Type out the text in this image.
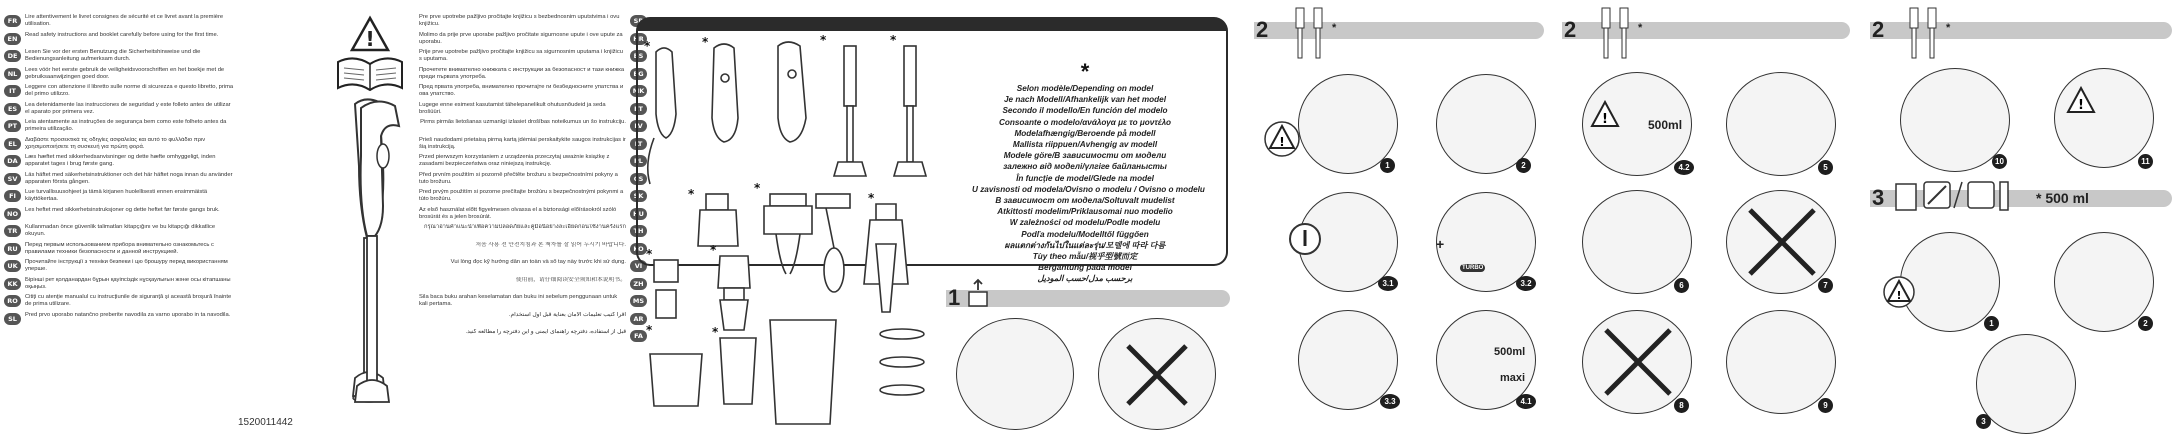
FR	Lire attentivement le livret consignes de sécurité et ce livret avant la première utilisation.
EN	Read safety instructions and booklet carefully before using for the first time.
DE	Lesen Sie vor der ersten Benutzung die Sicherheitshinweise und die Bedienungsanleitung aufmerksam durch.
NL	Lees vóór het eerste gebruik de veiligheidsvoorschriften en het boekje met de gebruiksaanwijzingen goed door.
IT	Leggere con attenzione il libretto sulle norme di sicurezza e questo libretto, prima del primo utilizzo.
ES	Lea detenidamente las instrucciones de seguridad y este folleto antes de utilizar el aparato por primera vez.
PT	Leia atentamente as instruções de segurança bem como este folheto antes da primeira utilização.
EL	Διαβάστε προσεκτικά τις οδηγίες ασφαλείας και αυτό το φυλλάδιο πριν χρησιμοποιήσετε τη συσκευή για πρώτη φορά.
DA	Læs hæftet med sikkerhedsanvisninger og dette hæfte omhyggeligt, inden apparatet tages i brug første gang.
SV	Läs häftet med säkerhetsinstruktioner och det här häftet noga innan du använder apparaten första gången.
FI	Lue turvallisuusohjeet ja tämä kirjanen huolellisesti ennen ensimmäistä käyttökertaa.
NO	Les heftet med sikkerhetsinstruksjoner og dette heftet før første gangs bruk.
TR	Kullanmadan önce güvenlik talimatları kitapçığını ve bu kitapçığı dikkatlice okuyun.
RU	Перед первым использованием прибора внимательно ознакомьтесь с правилами техники безопасности и данной инструкцией.
UK	Прочитайте інструкції з техніки безпеки і цю брошуру перед використанням уперше.
KK	Бірінші рет қолданардан бұрын қауіпсіздік нұсқаулығын және осы кітапшаны оқыңыз.
RO	Citiţi cu atenţie manualul cu instrucţiunile de siguranţă şi această broşură înainte de prima utilizare.
SL	Pred prvo uporabo natančno preberite navodila za varno uporabo in ta navodila.
!
SR
Pre prve upotrebe pažljivo pročitajte knjižicu s bezbednosnim uputstvima i ovu knjižicu.
HR
Molimo da prije prve uporabe pažljivo pročitate sigurnosne upute i ove upute za uporabu.
BS
Prije prve upotrebe pažljivo pročitajte knjižicu sa sigurnosnim uputama i knjižicu s uputama.
BG
Прочетете внимателно книжката с инструкции за безопасност и тази книжка преди първата употреба.
MK
Пред првата употреба, внимателно прочитајте ги безбедносните упатства и ова упатство.
ET
Lugege enne esimest kasutamist tähelepanelikult ohutusnõudeid ja seda brošüüri.
LV
Pirms pirmās lietošanas uzmanīgi izlasiet drošības noteikumus un šo instrukciju.
LT
Prieš naudodami prietaisą pirmą kartą įdėmiai perskaitykite saugos instrukcijas ir šią instrukciją.
PL
Przed pierwszym korzystaniem z urządzenia przeczytaj uważnie książkę z zasadami bezpieczeństwa oraz niniejszą instrukcję.
CS
Před prvním použitím si pozorně přečtěte brožuru s bezpečnostními pokyny a tuto brožuru.
SK
Pred prvým použitím si pozorne prečítajte brožúru s bezpečnostnými pokynmi a túto brožúru.
HU
Az első használat előtt figyelmesen olvassa el a biztonsági előírásokról szóló brosúrát és a jelen brosúrát.
TH
กรุณาอ่านคำแนะนำเพื่อความปลอดภัยและคู่มือนี้อย่างละเอียดก่อนใช้งานครั้งแรก
KO
처음 사용 전 안전지침과 본 책자를 잘 읽어 두시기 바랍니다.
VI
Vui lòng đọc kỹ hướng dẫn an toàn và sổ tay này trước khi sử dụng.
ZH
使用前，请仔细阅读安全须知和本说明书。
MS
Sila baca buku arahan keselamatan dan buku ini sebelum penggunaan untuk kali pertama.
AR
اقرأ كتيب تعليمات الأمان بعناية قبل أول استخدام.
FA
قبل از استفاده، دفترچه راهنمای ایمنی و این دفترچه را مطالعه کنید.
1520011442
*	*	*	*
*	*
*
*	*
*	*
*
Selon modèle/Depending on model
Je nach Modell/Afhankelijk van het model
Secondo il modello/En función del modelo
Consoante o modelo/ανάλογα με το μοντέλο
Modelafhængig/Beroende på modell
Mallista riippuen/Avhengig av modell
Modele göre/В зависимости от модели
залежно від моделі/үлгіге байланысты
În funcţie de model/Glede na model
U zavisnosti od modela/Ovisno o modelu / Ovisno o modelu
В зависимост от модела/Soltuvalt mudelist
Atkittosti modelim/Priklausomai nuo modelio
W zależności od modelu/Podle modelu
Podľa modelu/Modelltől függően
ผลแตกต่างกันไปในแต่ละรุ่น/모델에 따라 다름
Tùy theo mẫu/视乎型號而定
Bergantung pada model
برحسب مدل/حسب الموديل
1
2	*
1
!
2
3.1	3.2
+
TURBO
3.3	4.1
500ml
maxi
2	*
4.2
500ml
!
5
6	7
8	9
2	*
10	11
!
3	* 500 ml
1
!
2
3
